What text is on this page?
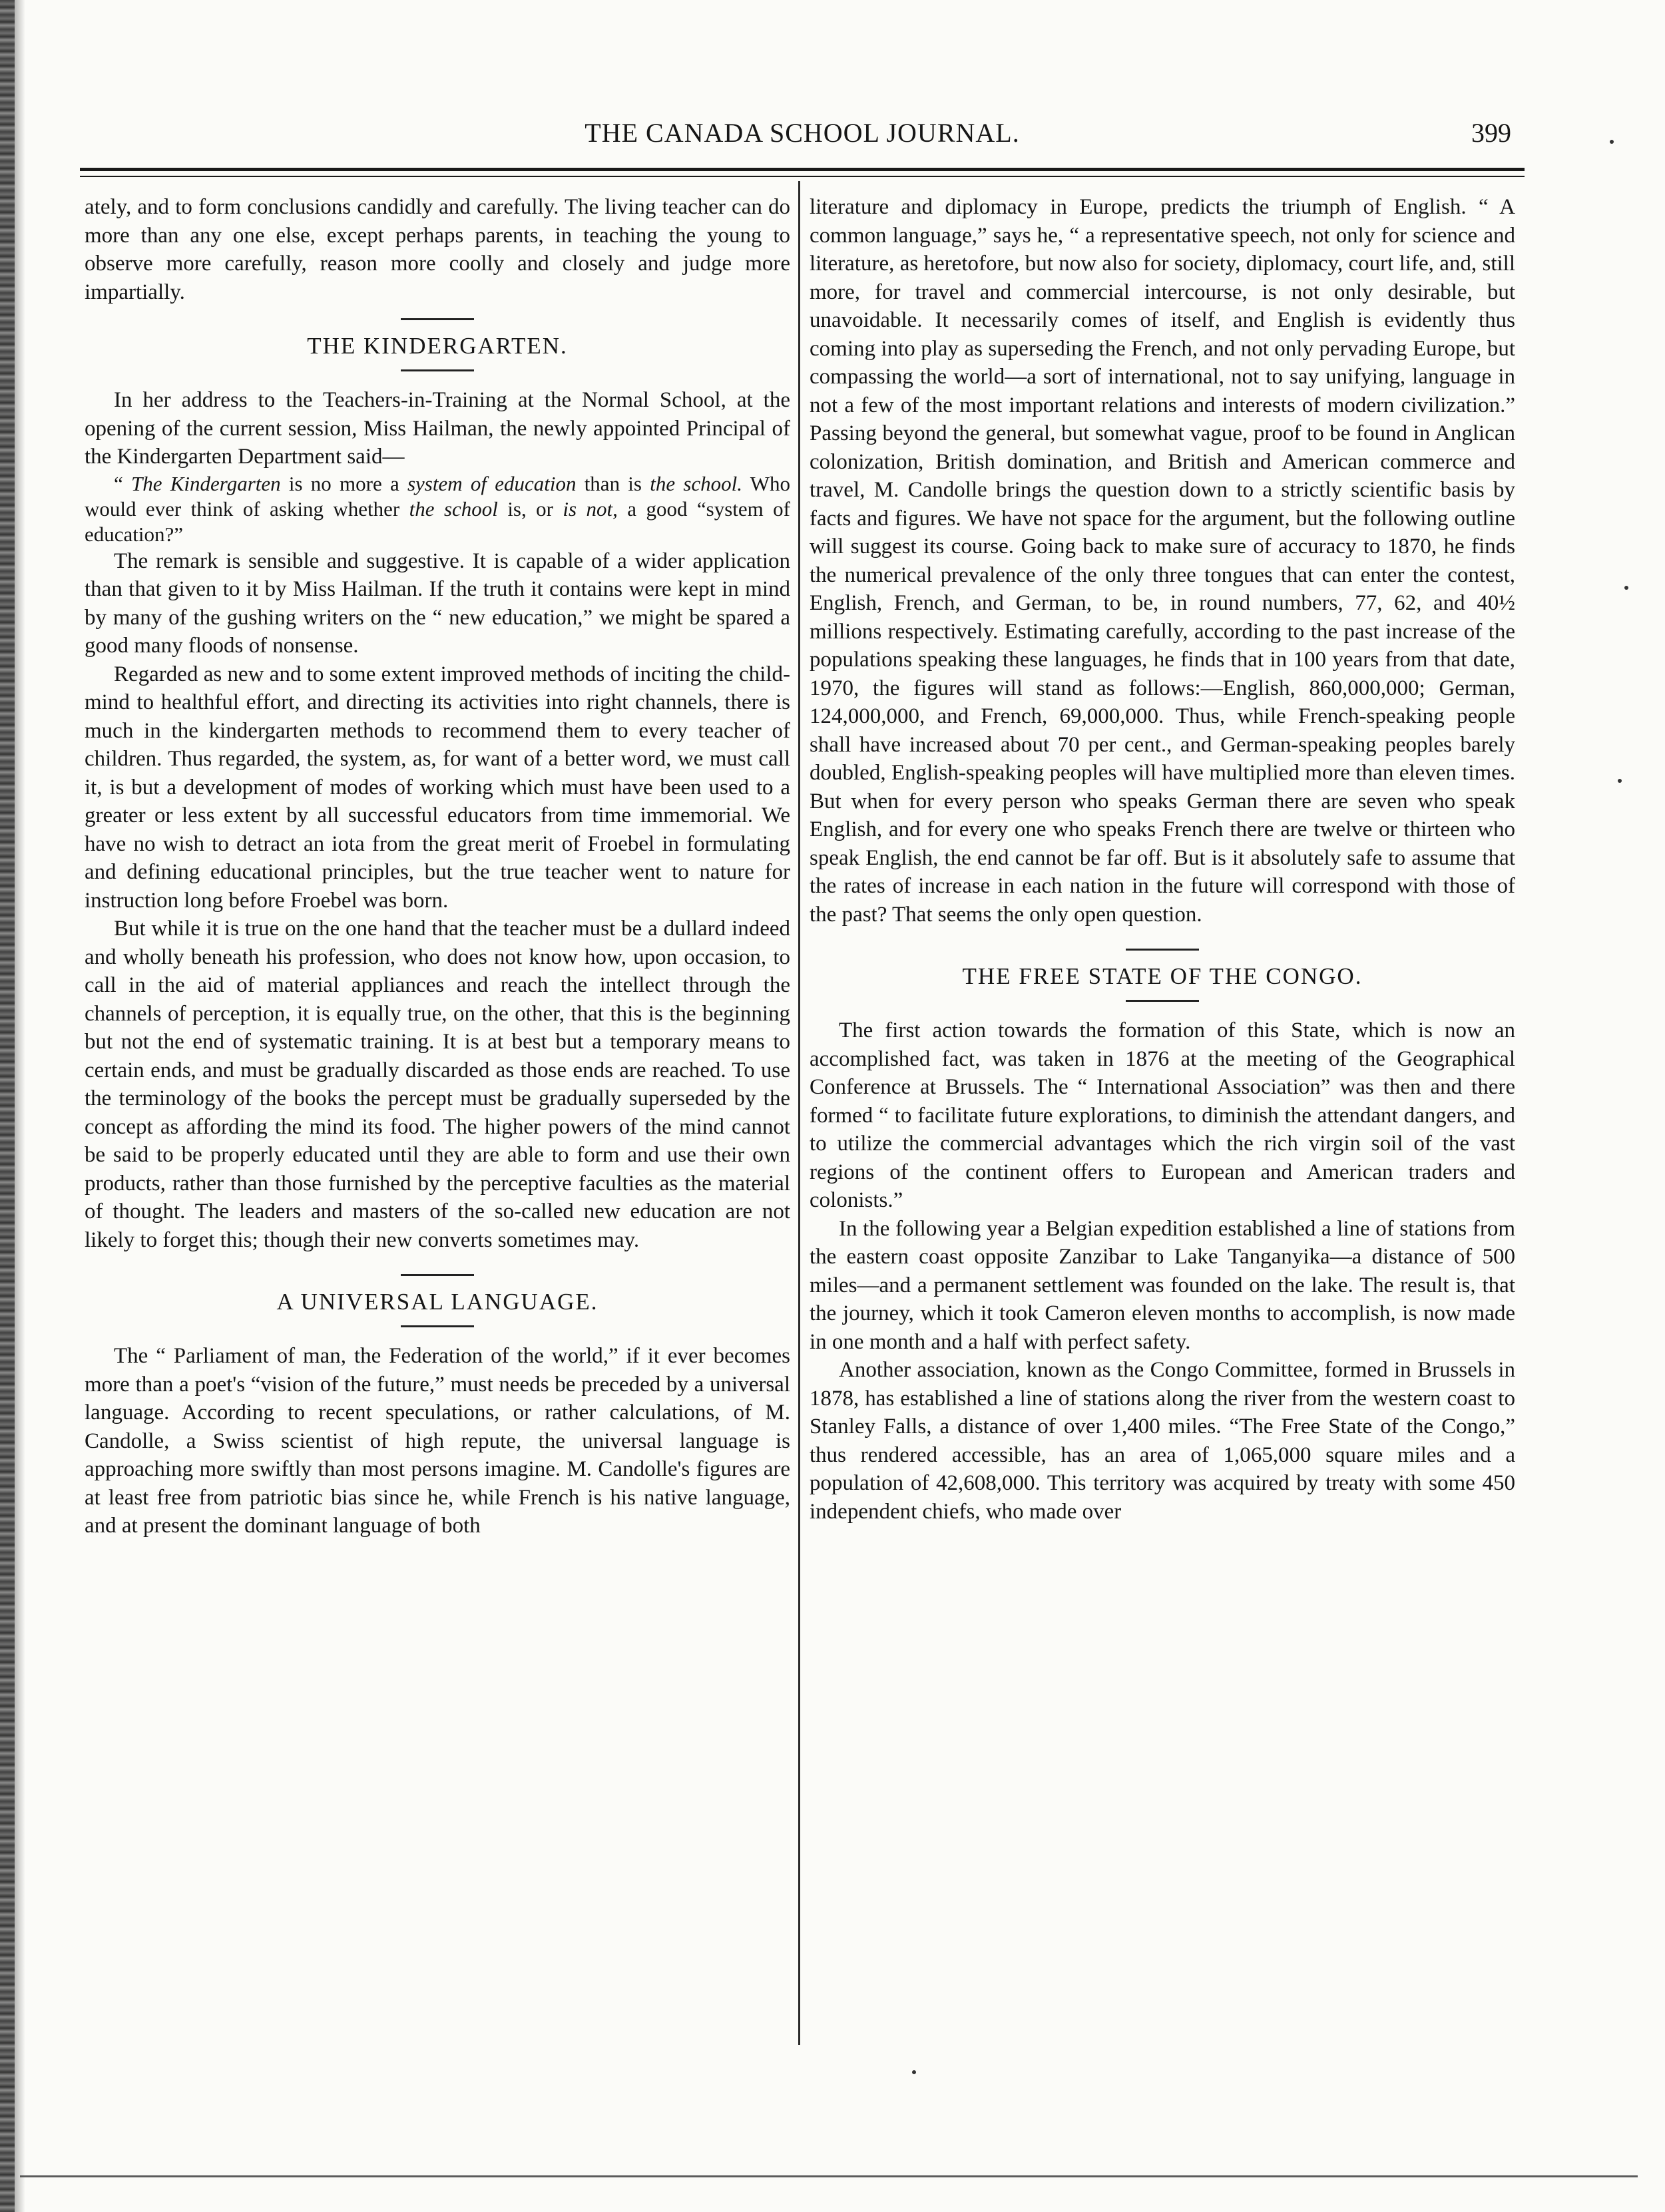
THE CANADA SCHOOL JOURNAL.	399

ately, and to form conclusions candidly and carefully. The living teacher can do more than any one else, except perhaps parents, in teaching the young to observe more carefully, reason more coolly and closely and judge more impartially.

THE KINDERGARTEN.

In her address to the Teachers-in-Training at the Normal School, at the opening of the current session, Miss Hailman, the newly appointed Principal of the Kindergarten Department said—

“ The Kindergarten is no more a system of education than is the school. Who would ever think of asking whether the school is, or is not, a good “system of education?”

The remark is sensible and suggestive. It is capable of a wider application than that given to it by Miss Hailman. If the truth it contains were kept in mind by many of the gushing writers on the “ new education,” we might be spared a good many floods of nonsense.

Regarded as new and to some extent improved methods of inciting the child-mind to healthful effort, and directing its activities into right channels, there is much in the kindergarten methods to recommend them to every teacher of children. Thus regarded, the system, as, for want of a better word, we must call it, is but a development of modes of working which must have been used to a greater or less extent by all successful educators from time immemorial. We have no wish to detract an iota from the great merit of Froebel in formulating and defining educational principles, but the true teacher went to nature for instruction long before Froebel was born.

But while it is true on the one hand that the teacher must be a dullard indeed and wholly beneath his profession, who does not know how, upon occasion, to call in the aid of material appliances and reach the intellect through the channels of perception, it is equally true, on the other, that this is the beginning but not the end of systematic training. It is at best but a temporary means to certain ends, and must be gradually discarded as those ends are reached. To use the terminology of the books the percept must be gradually superseded by the concept as affording the mind its food. The higher powers of the mind cannot be said to be properly educated until they are able to form and use their own products, rather than those furnished by the perceptive faculties as the material of thought. The leaders and masters of the so-called new education are not likely to forget this; though their new converts sometimes may.

A UNIVERSAL LANGUAGE.

The “ Parliament of man, the Federation of the world,” if it ever becomes more than a poet's “vision of the future,” must needs be preceded by a universal language. According to recent speculations, or rather calculations, of M. Candolle, a Swiss scientist of high repute, the universal language is approaching more swiftly than most persons imagine. M. Candolle's figures are at least free from patriotic bias since he, while French is his native language, and at present the dominant language of both

literature and diplomacy in Europe, predicts the triumph of English. “ A common language,” says he, “ a representative speech, not only for science and literature, as heretofore, but now also for society, diplomacy, court life, and, still more, for travel and commercial intercourse, is not only desirable, but unavoidable. It necessarily comes of itself, and English is evidently thus coming into play as superseding the French, and not only pervading Europe, but compassing the world—a sort of international, not to say unifying, language in not a few of the most important relations and interests of modern civilization.” Passing beyond the general, but somewhat vague, proof to be found in Anglican colonization, British domination, and British and American commerce and travel, M. Candolle brings the question down to a strictly scientific basis by facts and figures. We have not space for the argument, but the following outline will suggest its course. Going back to make sure of accuracy to 1870, he finds the numerical prevalence of the only three tongues that can enter the contest, English, French, and German, to be, in round numbers, 77, 62, and 40½ millions respectively. Estimating carefully, according to the past increase of the populations speaking these languages, he finds that in 100 years from that date, 1970, the figures will stand as follows:—English, 860,000,000; German, 124,000,000, and French, 69,000,000. Thus, while French-speaking people shall have increased about 70 per cent., and German-speaking peoples barely doubled, English-speaking peoples will have multiplied more than eleven times. But when for every person who speaks German there are seven who speak English, and for every one who speaks French there are twelve or thirteen who speak English, the end cannot be far off. But is it absolutely safe to assume that the rates of increase in each nation in the future will correspond with those of the past? That seems the only open question.

THE FREE STATE OF THE CONGO.

The first action towards the formation of this State, which is now an accomplished fact, was taken in 1876 at the meeting of the Geographical Conference at Brussels. The “ International Association” was then and there formed “ to facilitate future explorations, to diminish the attendant dangers, and to utilize the commercial advantages which the rich virgin soil of the vast regions of the continent offers to European and American traders and colonists.”

In the following year a Belgian expedition established a line of stations from the eastern coast opposite Zanzibar to Lake Tanganyika—a distance of 500 miles—and a permanent settlement was founded on the lake. The result is, that the journey, which it took Cameron eleven months to accomplish, is now made in one month and a half with perfect safety.

Another association, known as the Congo Committee, formed in Brussels in 1878, has established a line of stations along the river from the western coast to Stanley Falls, a distance of over 1,400 miles. “The Free State of the Congo,” thus rendered accessible, has an area of 1,065,000 square miles and a population of 42,608,000. This territory was acquired by treaty with some 450 independent chiefs, who made over
